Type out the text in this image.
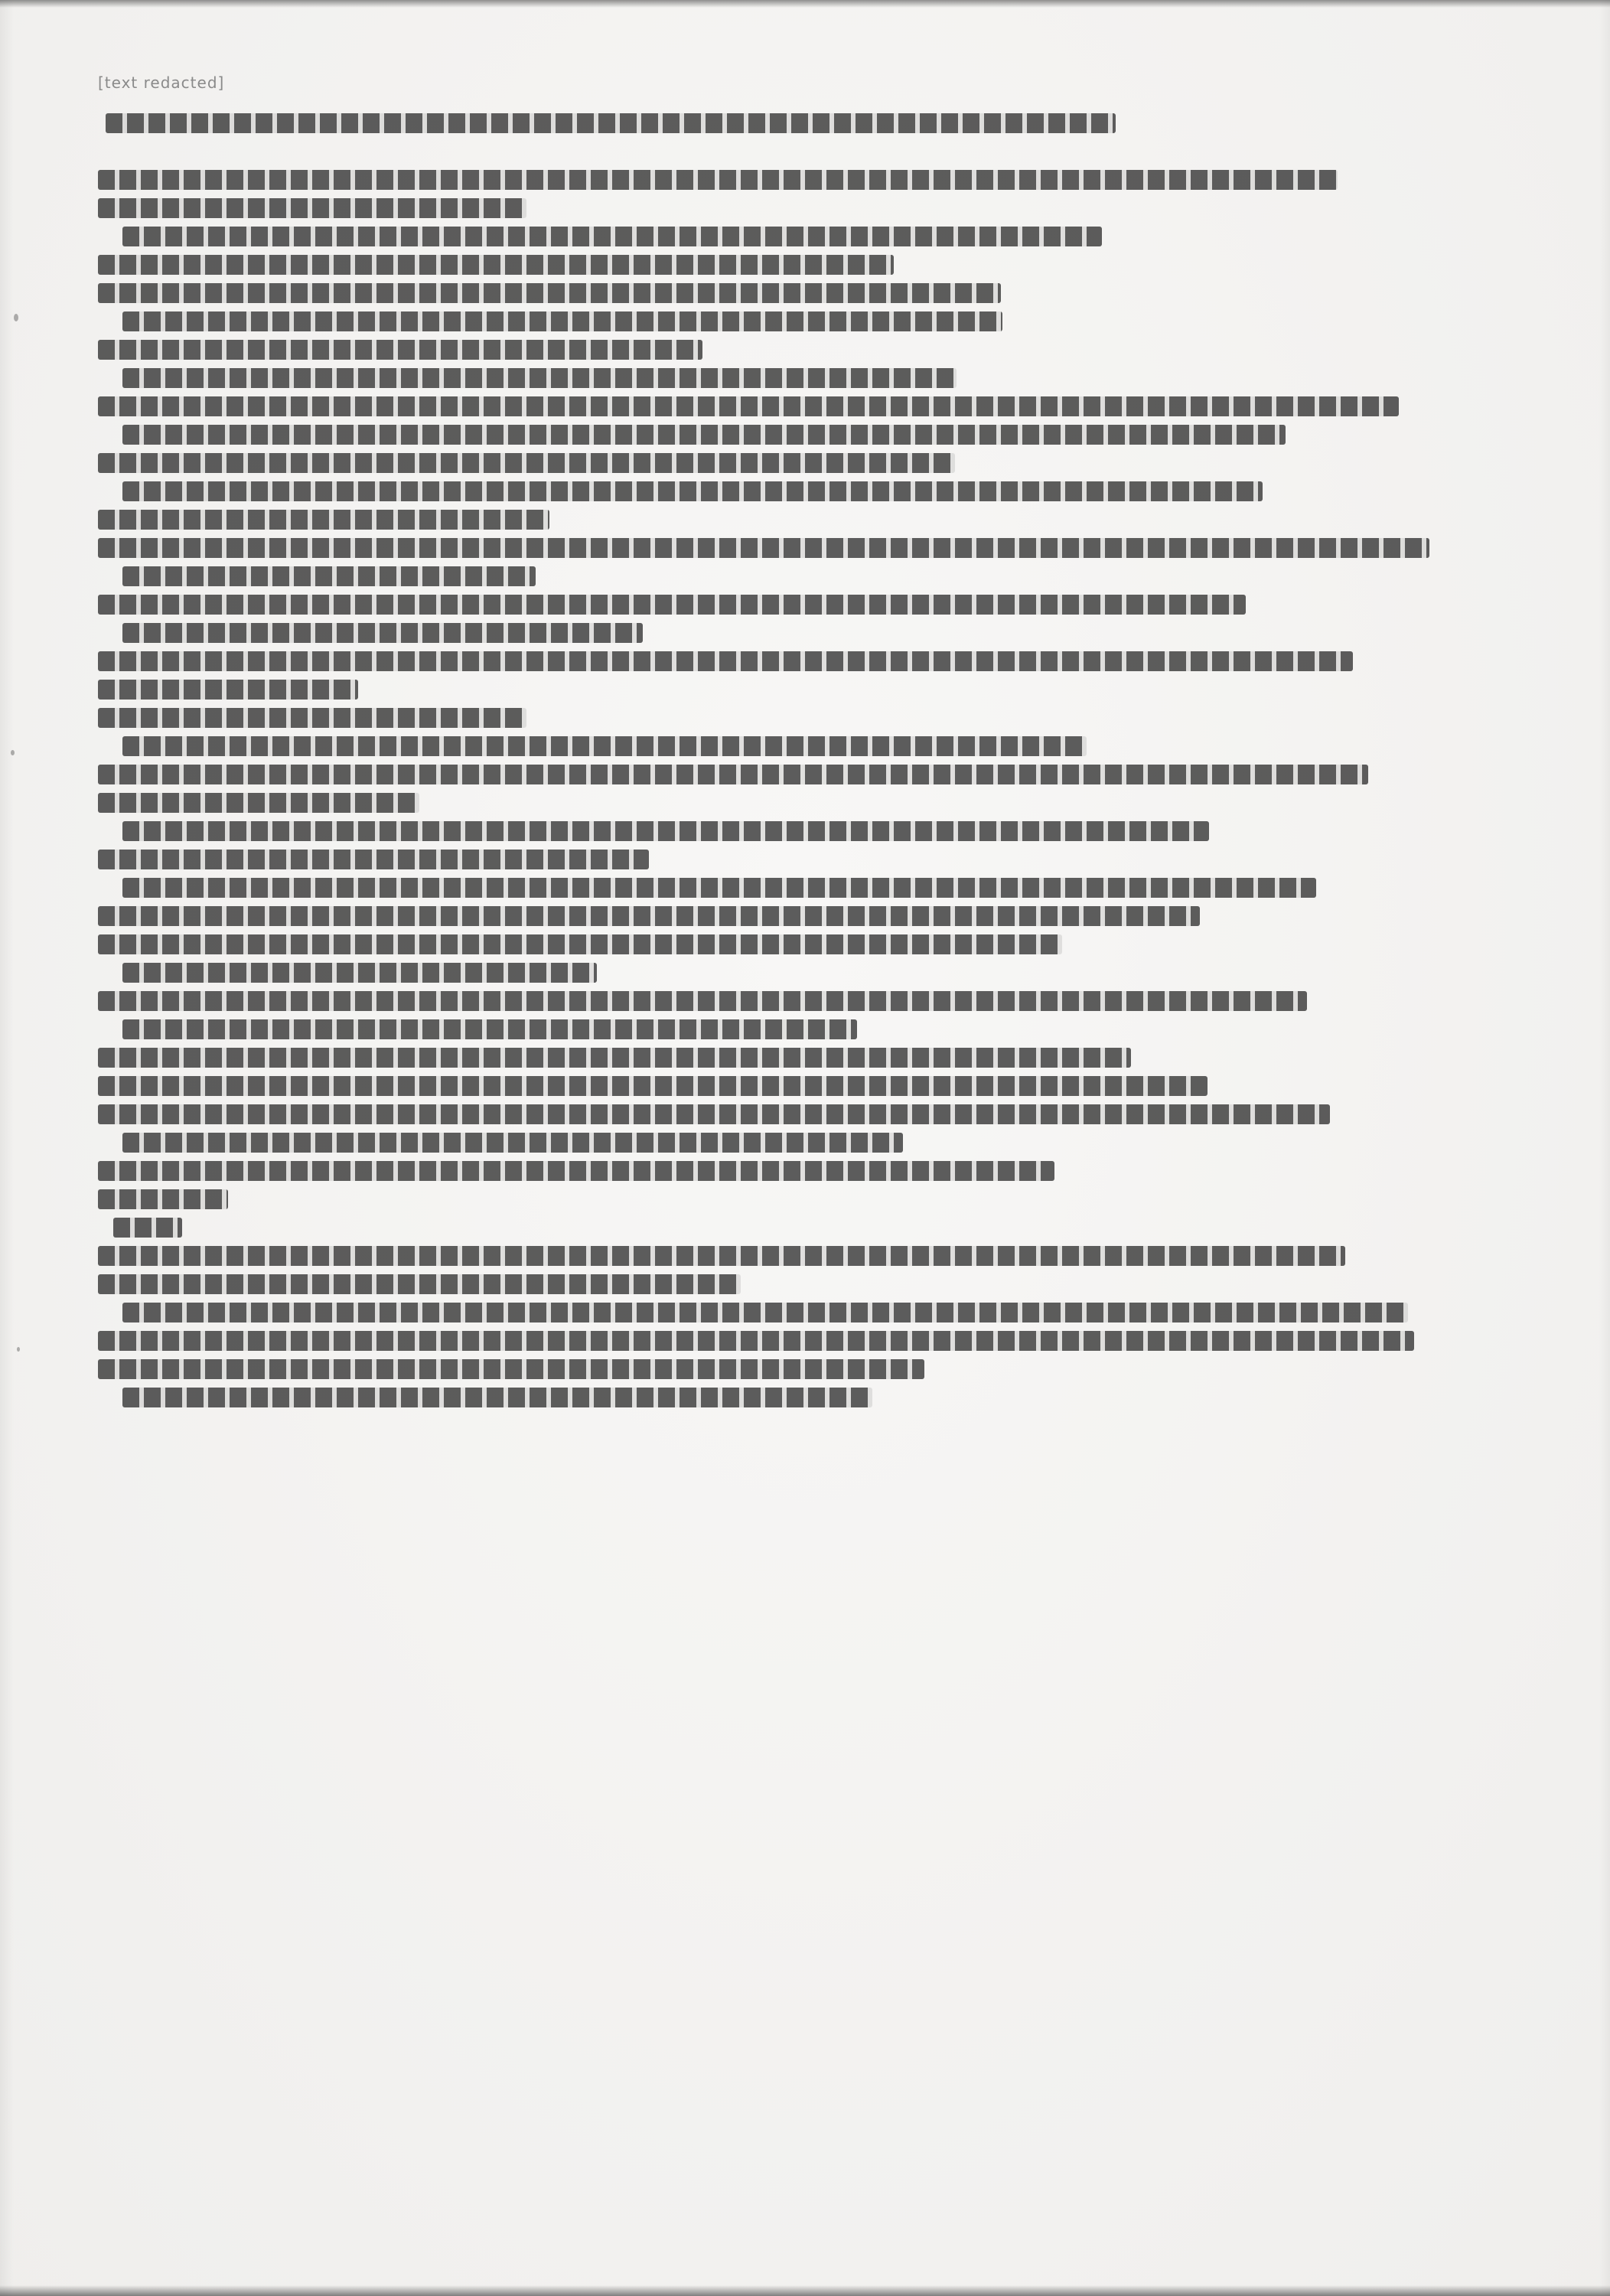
[text redacted]
